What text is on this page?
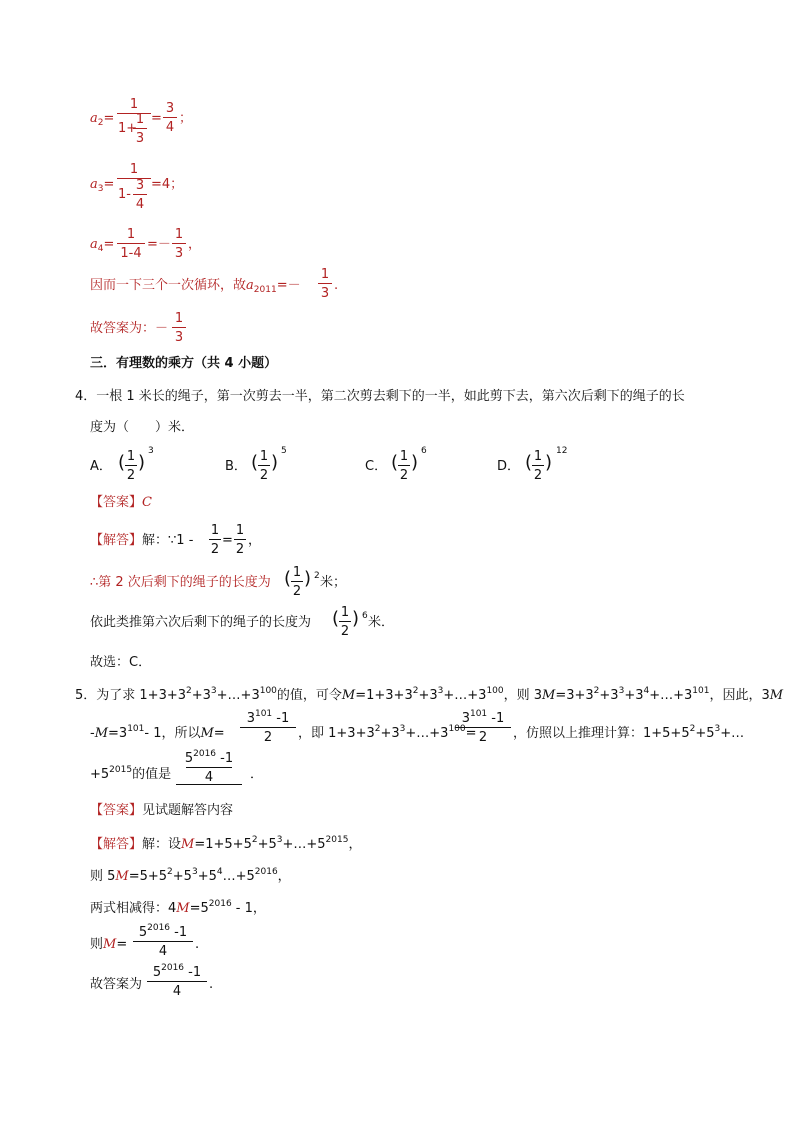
$a_2=$
1
1+
1
3
=
3
4
；
$a_3=$
1
1-
3
4
=4；
$a_4=$
1
1-4
=－
1
3
，
因而一下三个一次循环，故$a_{2011}=-$
1
3
.
故答案为：－
1
3
三．有理数的乘方（共 4 小题）
4．一根 1 米长的绳子，第一次剪去一半，第二次剪去剩下的一半，如此剪下去，第六次后剩下的绳子的长
度为（　　）米．
A． ( 1
2
)
3
B． ( 1
2
)
5
C． ( 1
2
)
6
D． ( 1
2
)
12
【答案】C
【解答】解：∵1 -
1
2
=
1
2
，
∴第 2 次后剩下的绳子的长度为 ( 1
2
) 2 米；
依此类推第六次后剩下的绳子的长度为 ( 1
2
) 6 米．
故选：C．
5．为了求 $1+3+3^2+3^3+\dots+3^{100}$的值，可令$M=1+3+3^2+3^3+\dots+3^{100}$，则 $3M=3+3^2+3^3+3^4+\dots+3^{101}$，因此，3M
$-M=3^{101}-$ 1，所以M=
$3^{101}$ -1
2	，即 $1+3+3^2+3^3+\dots+3^{100}=$
$3^{101}$ -1
2	，仿照以上推理计算：$1+5+5^2+5^3+\dots$
$+5^{2015}$的值是
$5^{2016}$ -1
4	．
【答案】见试题解答内容
【解答】解：设$M=1+5+5^2+5^3+\dots+5^{2015}$，
则 $5M=5+5^2+5^3+5^4\dots+5^{2016}$，
两式相减得：$4M=5^{2016} - 1$，
则M=
$5^{2016}$ -1
4	.
故答案为
$5^{2016}$ -1
4	.
